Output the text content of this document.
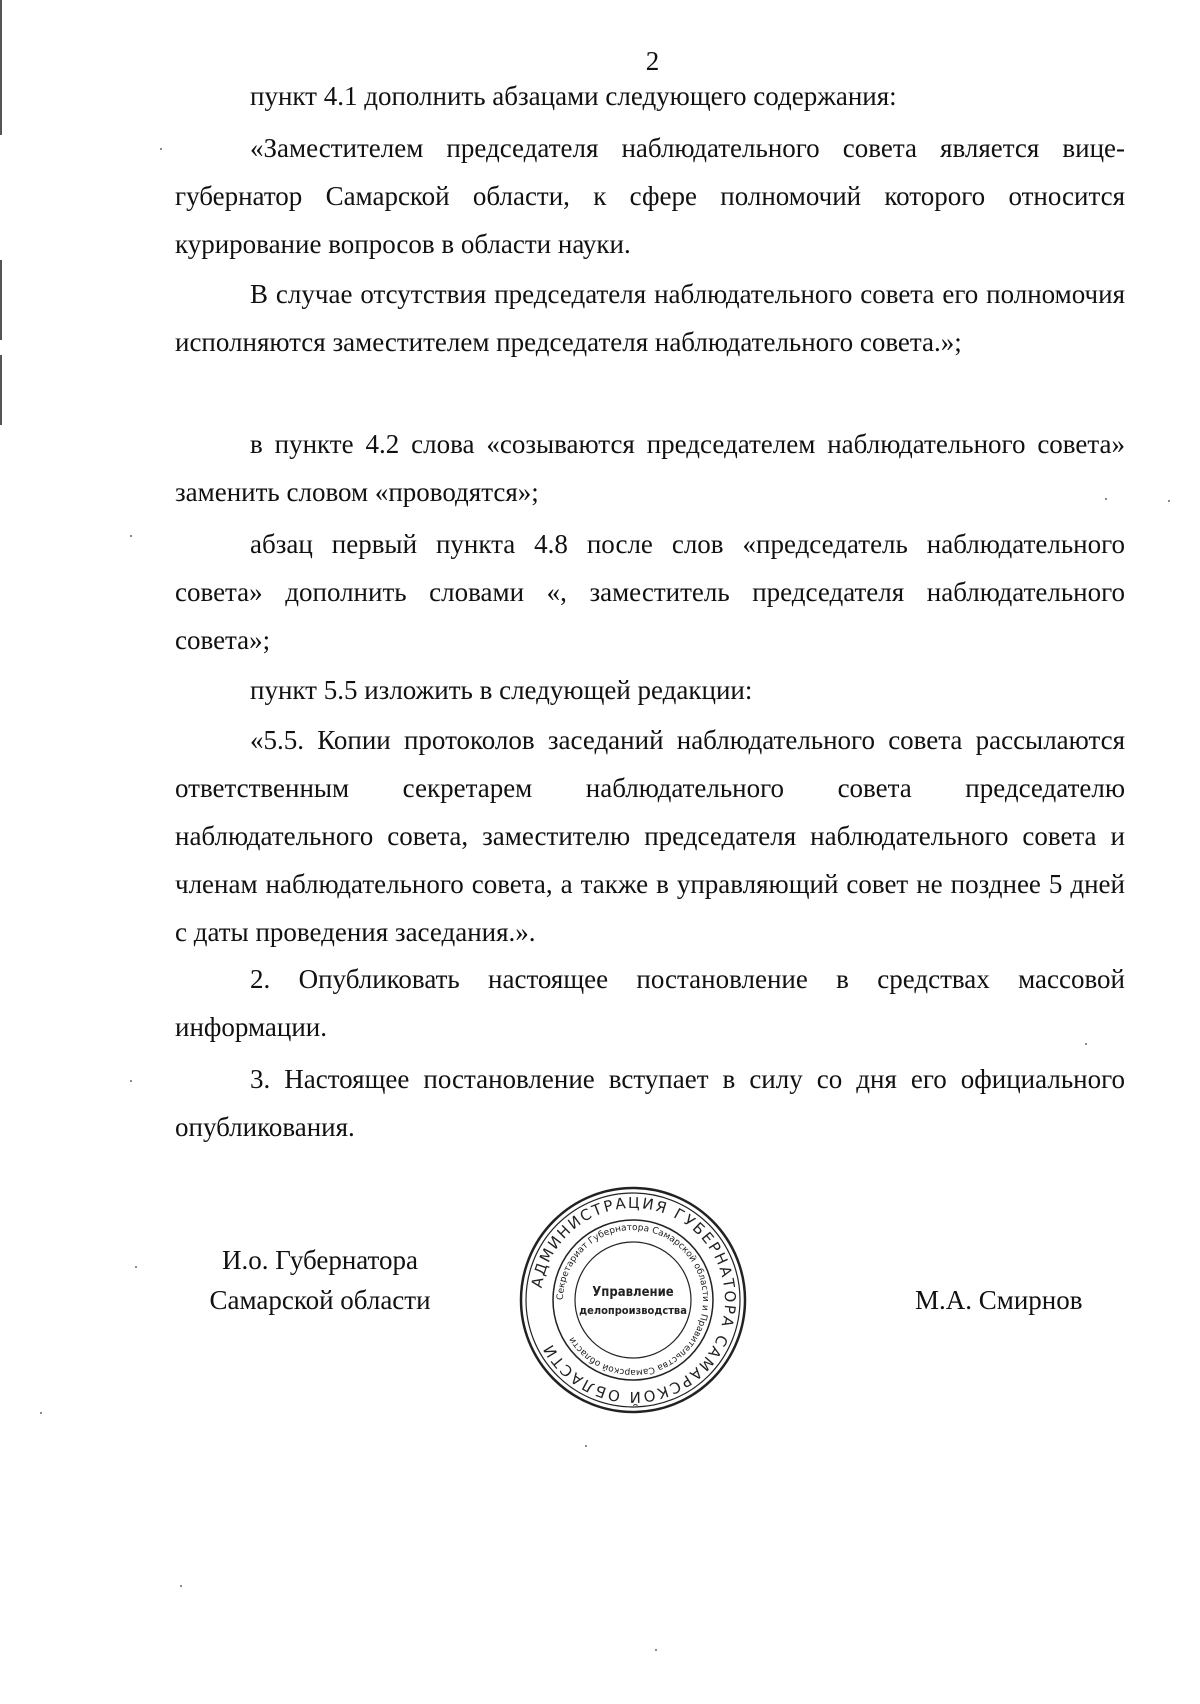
2

пункт 4.1 дополнить абзацами следующего содержания:

«Заместителем председателя наблюдательного совета является вице-губернатор Самарской области, к сфере полномочий которого относится курирование вопросов в области науки.

В случае отсутствия председателя наблюдательного совета его полномочия исполняются заместителем председателя наблюдательного совета.»;

в пункте 4.2 слова «созываются председателем наблюдательного совета» заменить словом «проводятся»;

абзац первый пункта 4.8 после слов «председатель наблюдательного совета» дополнить словами «, заместитель председателя наблюдательного совета»;

пункт 5.5 изложить в следующей редакции:

«5.5. Копии протоколов заседаний наблюдательного совета рассылаются ответственным секретарем наблюдательного совета председателю наблюдательного совета, заместителю председателя наблюдательного совета и членам наблюдательного совета, а также в управляющий совет не позднее 5 дней с даты проведения заседания.».

2. Опубликовать настоящее постановление в средствах массовой информации.

3. Настоящее постановление вступает в силу со дня его официального опубликования.

И.о. Губернатора
Самарской области
АДМИНИСТРАЦИЯ ГУБЕРНАТОРА САМАРСКОЙ ОБЛАСТИ
Секретариат Губернатора Самарской области и Правительства Самарской области
Управление
делопроизводства	М.А. Смирнов
